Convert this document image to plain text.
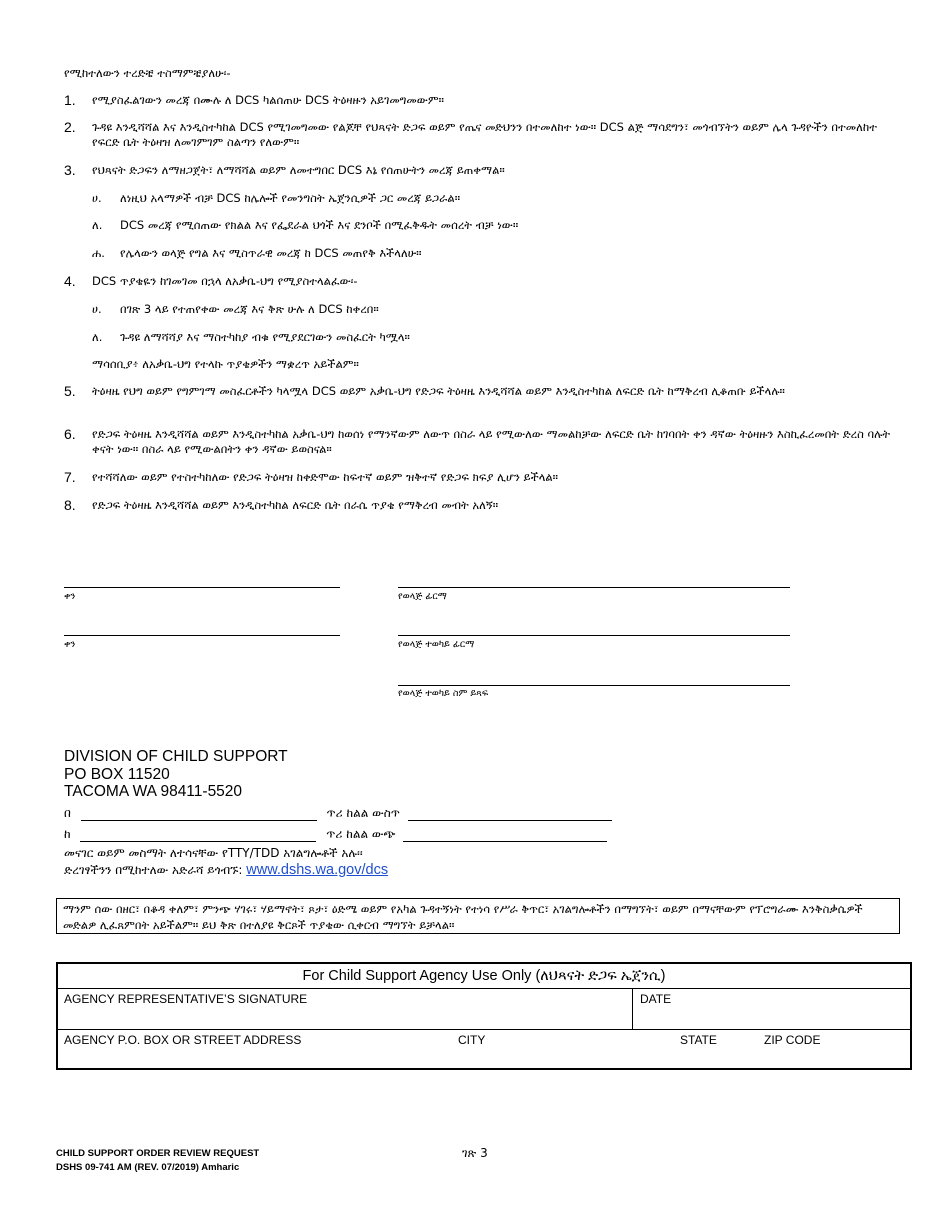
የሚከተለውን ተረድቼ ተስማምቼያለሁ፡-
1. የሚያስፈልገውን መረጃ በሙሉ ለ DCS ካልሰጠሁ DCS ትዕዛዙን አይገመግመውም።
2. ጉዳዩ እንዲሻሻል እና እንዲስተካከል DCS የሚገመግመው የልጆቸ የህጻናት ድጋፍ ወይም የጤና መድህንን በተመለከተ ነው። DCS ልጅ ማሳደግን፣ መጎብኘትን ወይም ሌላ ጉዳዮችን በተመለከተ የፍርድ ቤት ትዕዛዝ ለመገምገም ስልጣን የለውም።
3. የህጻናት ድጋፍን ለማዘጋጀት፣ ለማሻሻል ወይም ለመተግበር DCS እኔ የሰጠሁትን መረጃ ይጠቀማል።
ሀ. ለነዚህ አላማዎች ብቻ DCS ከሌሎች የመንግስት ኤጀንሲዎች ጋር መረጃ ይጋራል።
ለ. DCS መረጃ የሚሰጠው የክልል እና የፌደራል ህጎች እና ደንቦች በሚፈቅዱት መሰረት ብቻ ነው።
ሐ. የሌላውን ወላጅ የግል እና ሚስጥራዊ መረጃ ከ DCS መጠየቅ እችላለሁ።
4. DCS ጥያቄዬን ከገመገመ በኋላ ለአቃቤ-ህግ የሚያስተላልፈው፡-
ሀ. በገጽ 3 ላይ የተጠየቀው መረጃ እና ቅጽ ሁሉ ለ DCS ከቀረበ።
ለ. ጉዳዩ ለማሻሻያ እና ማስተካከያ ብቁ የሚያደርገውን መስፈርት ካሟላ።
ማሳሰቢያ፥ ለአቃቤ-ህግ የተላኩ ጥያቄዎችን ማቋረጥ አይችልም።
5. ትዕዛዜ የህግ ወይም የግምገማ መስፈርቶችን ካላሟላ DCS ወይም አቃቤ-ህግ የድጋፍ ትዕዛዜ እንዲሻሻል ወይም እንዲስተካከል ለፍርድ ቤት ከማቅረብ ሊቆጠቡ ይችላሉ።
6. የድጋፍ ትዕዛዜ እንዲሻሻል ወይም እንዲስተካከል አቃቤ-ህግ ከወሰነ የማንኛውም ለውጥ በስራ ላይ የሚውለው ማመልከቻው ለፍርድ ቤት ከገባበት ቀን ዳኛው ትዕዛዙን እስኪፈረመበት ድረስ ባሉት ቀናት ነው። በስራ ላይ የሚውልበትን ቀን ዳኛው ይወስናል።
7. የተሻሻለው ወይም የተስተካከለው የድጋፍ ትዕዛዝ ከቀድሞው ከፍተኛ ወይም ዝቅተኛ የድጋፍ ክፍያ ሊሆን ይችላል።
8. የድጋፍ ትዕዛዜ እንዲሻሻል ወይም እንዲስተካከል ለፍርድ ቤት በራሴ ጥያቄ የማቅረብ መብት አለኝ።
ቀን	የወላጅ ፊርማ
ቀን	የወላጅ ተወካይ ፊርማ
የወላጅ ተወካይ ስም ይጻፍ
DIVISION OF CHILD SUPPORT
PO BOX 11520
TACOMA WA 98411-5520
በ	ጥሪ ከልል ውስጥ
ከ	ጥሪ ከልል ውጭ
መናገር ወይም መስማት ለተሳናቸው የTTY/TDD አገልግሎቶች አሉ፡፡
ድረገፃችንን በሚከተለው አድራሻ ይጎብኙ: www.dshs.wa.gov/dcs
ማንም ሰው በዘር፣ በቆዳ ቀለም፣ ምንጭ ሃገሩ፣ ሃይማኖት፣ ጾታ፣ ዕድሜ ወይም የአካል ጉዳተኝነት የተነሳ የሥራ ቅጥር፣ አገልግሎቶችን በማግኘት፣ ወይም በማናቸውም የፕሮግራሙ እንቅስቃሴዎች መድልዎ ሊፈጸምበት አይችልም። ይህ ቅጽ በተለያዩ ቅርጾች ጥያቄው ሲቀርብ ማግኘት ይቻላል።
For Child Support Agency Use Only (ለህጻናት ድጋፍ ኤጀንሲ)
AGENCY REPRESENTATIVE’S SIGNATURE	DATE
AGENCY P.O. BOX OR STREET ADDRESS	CITY	STATE	ZIP CODE
CHILD SUPPORT ORDER REVIEW REQUEST
DSHS 09-741 AM (REV. 07/2019) Amharic
ገጽ 3
